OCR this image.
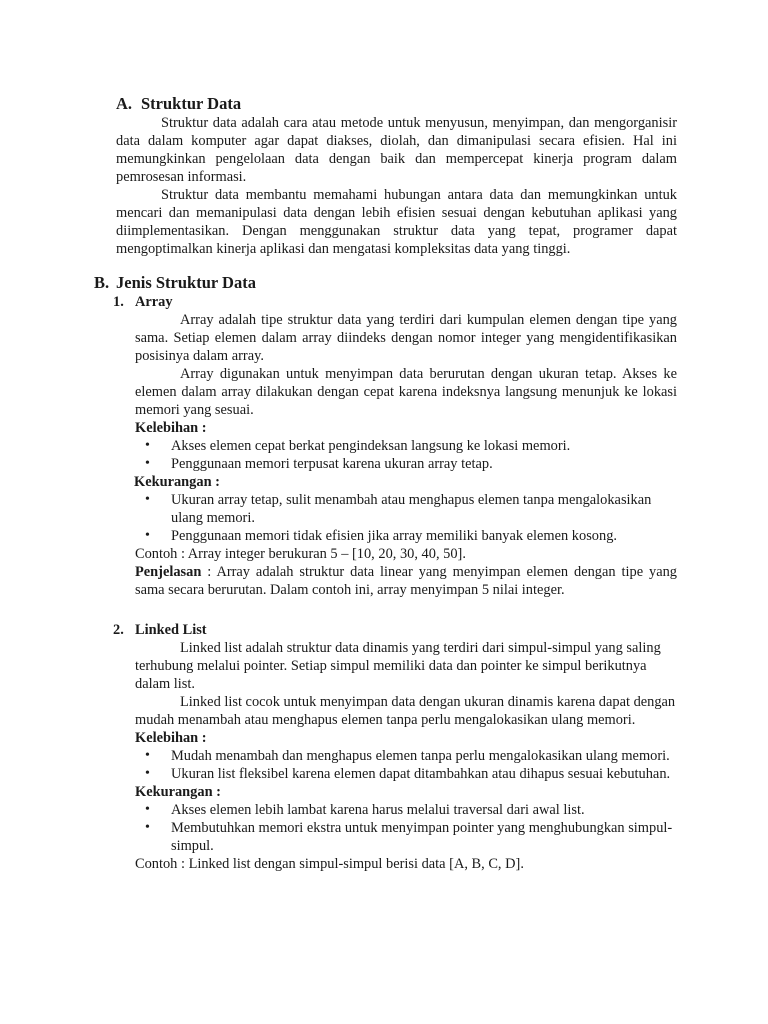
A. Struktur Data

Struktur data adalah cara atau metode untuk menyusun, menyimpan, dan mengorganisir data dalam komputer agar dapat diakses, diolah, dan dimanipulasi secara efisien. Hal ini memungkinkan pengelolaan data dengan baik dan mempercepat kinerja program dalam pemrosesan informasi.

Struktur data membantu memahami hubungan antara data dan memungkinkan untuk mencari dan memanipulasi data dengan lebih efisien sesuai dengan kebutuhan aplikasi yang diimplementasikan. Dengan menggunakan struktur data yang tepat, programer dapat mengoptimalkan kinerja aplikasi dan mengatasi kompleksitas data yang tinggi.

B. Jenis Struktur Data
1. Array

Array adalah tipe struktur data yang terdiri dari kumpulan elemen dengan tipe yang sama. Setiap elemen dalam array diindeks dengan nomor integer yang mengidentifikasikan posisinya dalam array.

Array digunakan untuk menyimpan data berurutan dengan ukuran tetap. Akses ke elemen dalam array dilakukan dengan cepat karena indeksnya langsung menunjuk ke lokasi memori yang sesuai.

Kelebihan :

• Akses elemen cepat berkat pengindeksan langsung ke lokasi memori.
• Penggunaan memori terpusat karena ukuran array tetap.

Kekurangan :

• Ukuran array tetap, sulit menambah atau menghapus elemen tanpa mengalokasikan ulang memori.
• Penggunaan memori tidak efisien jika array memiliki banyak elemen kosong.

Contoh : Array integer berukuran 5 – [10, 20, 30, 40, 50].

Penjelasan : Array adalah struktur data linear yang menyimpan elemen dengan tipe yang sama secara berurutan. Dalam contoh ini, array menyimpan 5 nilai integer.

2. Linked List

Linked list adalah struktur data dinamis yang terdiri dari simpul-simpul yang saling terhubung melalui pointer. Setiap simpul memiliki data dan pointer ke simpul berikutnya dalam list.

Linked list cocok untuk menyimpan data dengan ukuran dinamis karena dapat dengan mudah menambah atau menghapus elemen tanpa perlu mengalokasikan ulang memori.

Kelebihan :

• Mudah menambah dan menghapus elemen tanpa perlu mengalokasikan ulang memori.
• Ukuran list fleksibel karena elemen dapat ditambahkan atau dihapus sesuai kebutuhan.

Kekurangan :

• Akses elemen lebih lambat karena harus melalui traversal dari awal list.
• Membutuhkan memori ekstra untuk menyimpan pointer yang menghubungkan simpul-simpul.

Contoh : Linked list dengan simpul-simpul berisi data [A, B, C, D].
